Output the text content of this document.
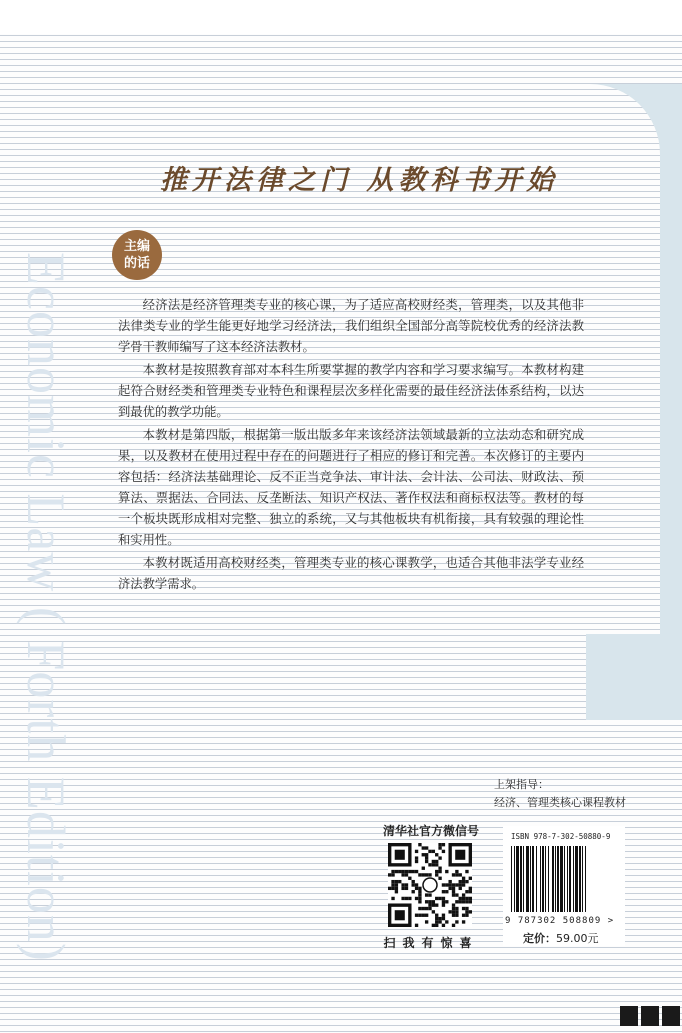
Economic Law ( Forth Edition)
推开法律之门 从教科书开始
主编
的话

经济法是经济管理类专业的核心课，为了适应高校财经类，管理类，以及其他非法律类专业的学生能更好地学习经济法，我们组织全国部分高等院校优秀的经济法教学骨干教师编写了这本经济法教材。

本教材是按照教育部对本科生所要掌握的教学内容和学习要求编写。本教材构建起符合财经类和管理类专业特色和课程层次多样化需要的最佳经济法体系结构，以达到最优的教学功能。

本教材是第四版，根据第一版出版多年来该经济法领域最新的立法动态和研究成果，以及教材在使用过程中存在的问题进行了相应的修订和完善。本次修订的主要内容包括：经济法基础理论、反不正当竞争法、审计法、会计法、公司法、财政法、预算法、票据法、合同法、反垄断法、知识产权法、著作权法和商标权法等。教材的每一个板块既形成相对完整、独立的系统，又与其他板块有机衔接，具有较强的理论性和实用性。

本教材既适用高校财经类，管理类专业的核心课教学，也适合其他非法学专业经济法教学需求。

上架指导：
经济、管理类核心课程教材
清华社官方微信号
扫我有惊喜
ISBN 978-7-302-50880-9
9 787302 508809 >
定价：59.00元
